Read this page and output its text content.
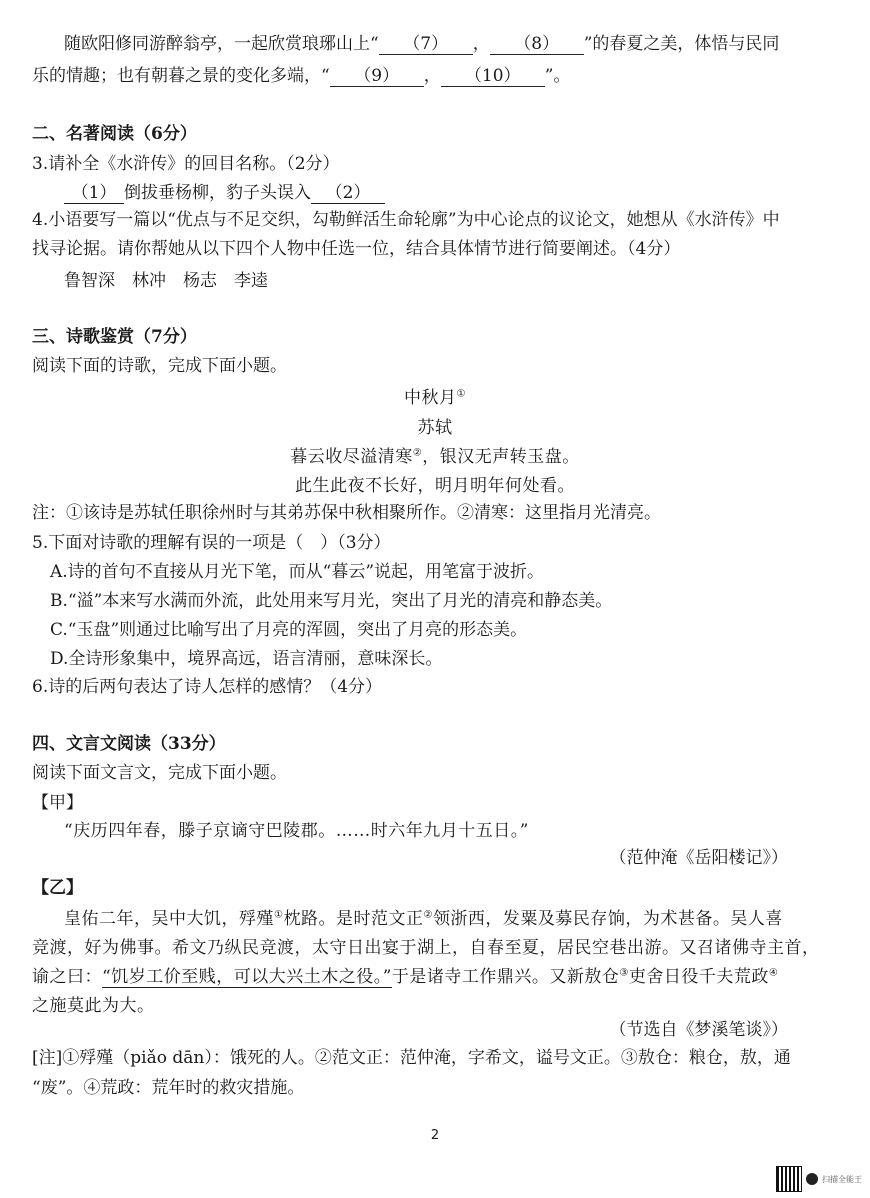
随欧阳修同游醉翁亭，一起欣赏琅琊山上“ （7） ， （8） ”的春夏之美，体悟与民同
乐的情趣；也有朝暮之景的变化多端，“ （9） ， （10） ”。
二、名著阅读（6分）
3.请补全《水浒传》的回目名称。（2分）
（1） 倒拔垂杨柳，豹子头误入 （2）
4.小语要写一篇以“优点与不足交织，勾勒鲜活生命轮廓”为中心论点的议论文，她想从《水浒传》中
找寻论据。请你帮她从以下四个人物中任选一位，结合具体情节进行简要阐述。（4分）
鲁智深　林冲　杨志　李逵
三、诗歌鉴赏（7分）
阅读下面的诗歌，完成下面小题。
中秋月①
苏轼
暮云收尽溢清寒②，银汉无声转玉盘。
此生此夜不长好，明月明年何处看。
注：①该诗是苏轼任职徐州时与其弟苏保中秋相聚所作。②清寒：这里指月光清亮。
5.下面对诗歌的理解有误的一项是（　）（3分）
A.诗的首句不直接从月光下笔，而从“暮云”说起，用笔富于波折。
B.“溢”本来写水满而外流，此处用来写月光，突出了月光的清亮和静态美。
C.“玉盘”则通过比喻写出了月亮的浑圆，突出了月亮的形态美。
D.全诗形象集中，境界高远，语言清丽，意味深长。
6.诗的后两句表达了诗人怎样的感情？（4分）
四、文言文阅读（33分）
阅读下面文言文，完成下面小题。
【甲】
“庆历四年春，滕子京谪守巴陵郡。……时六年九月十五日。”
（范仲淹《岳阳楼记》）
【乙】
皇佑二年，吴中大饥，殍殣①枕路。是时范文正②领浙西，发粟及募民存饷，为术甚备。吴人喜
竞渡，好为佛事。希文乃纵民竞渡，太守日出宴于湖上，自春至夏，居民空巷出游。又召诸佛寺主首，
谕之曰：“饥岁工价至贱，可以大兴土木之役。”于是诸寺工作鼎兴。又新敖仓③吏舍日役千夫荒政④
之施莫此为大。
（节选自《梦溪笔谈》）
[注]①殍殣（piǎo dān）：饿死的人。②范文正：范仲淹，字希文，谥号文正。③敖仓：粮仓，敖，通
“废”。④荒政：荒年时的救灾措施。
2
扫描全能王
